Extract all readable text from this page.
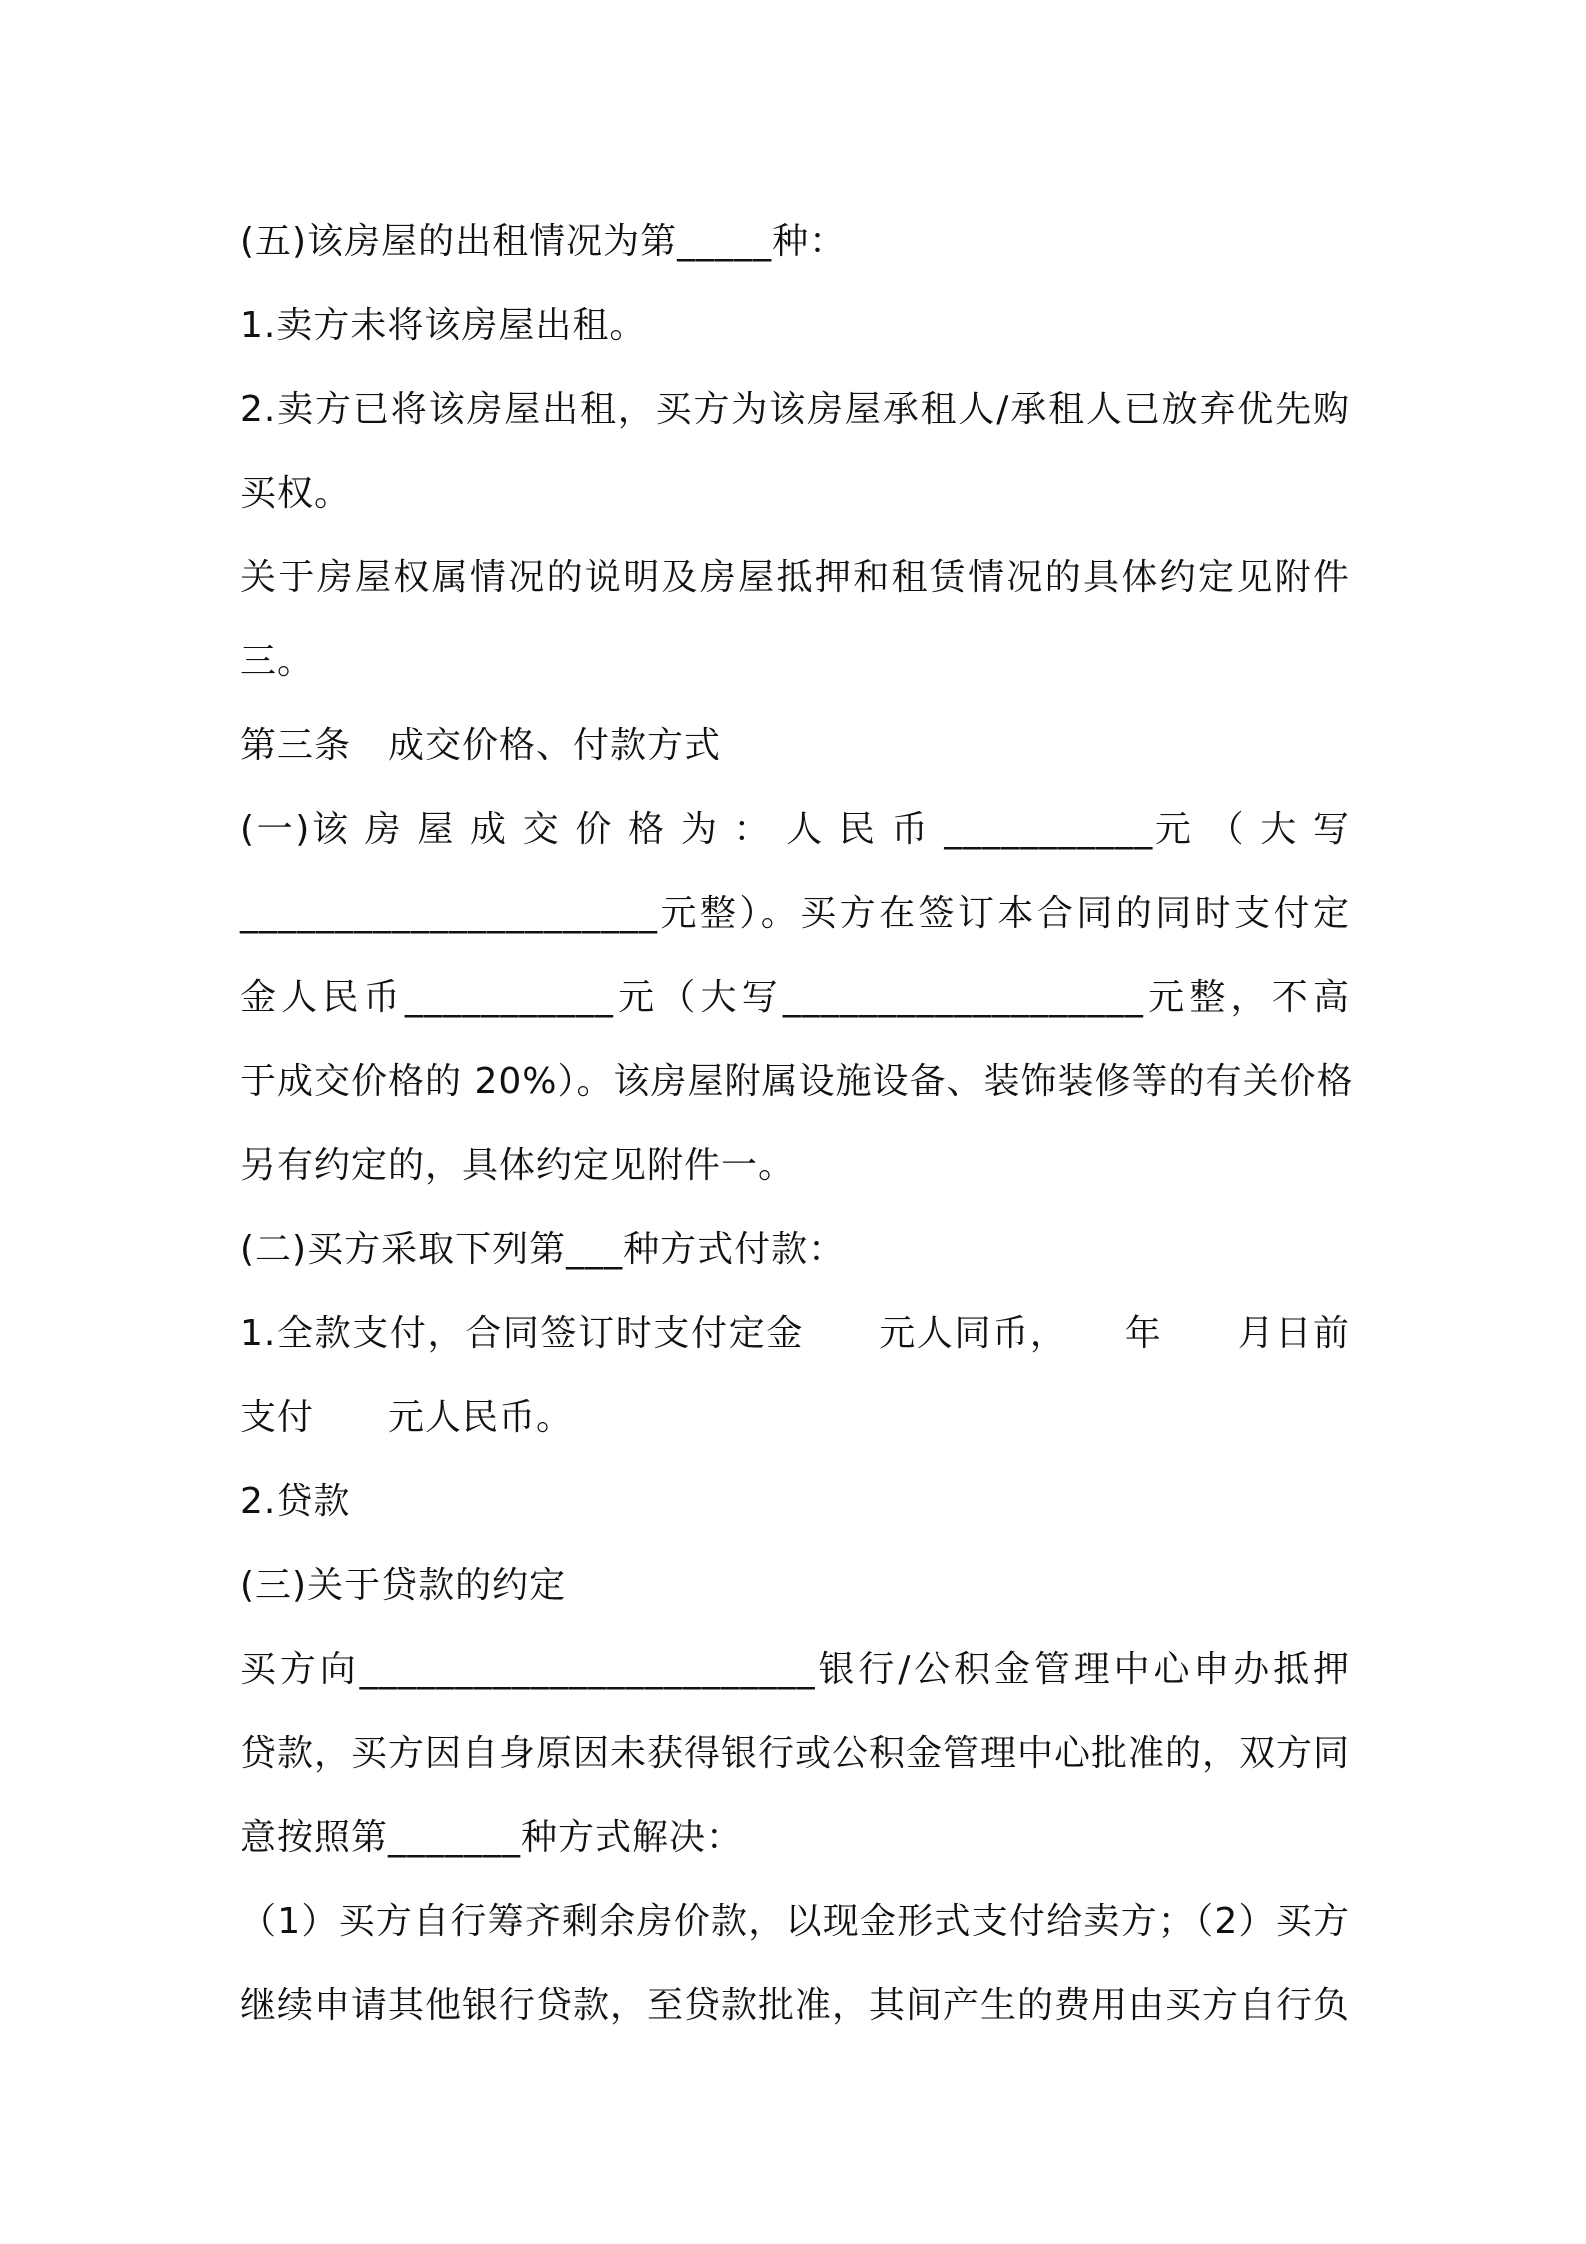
(五)该房屋的出租情况为第_____种：
1.卖方未将该房屋出租。
2.卖方已将该房屋出租，买方为该房屋承租人/承租人已放弃优先购
买权。
关于房屋权属情况的说明及房屋抵押和租赁情况的具体约定见附件
三。
第三条　成交价格、付款方式
(一)该 房 屋 成 交 价 格 为 ： 人 民 币 ___________元 （ 大 写
______________________元整）。买方在签订本合同的同时支付定
金人民币___________元（大写___________________元整，不高
于成交价格的 20%）。该房屋附属设施设备、装饰装修等的有关价格
另有约定的，具体约定见附件一。
(二)买方采取下列第___种方式付款：
1.全款支付，合同签订时支付定金　　元人同币，　　年　　月日前
支付　　元人民币。
2.贷款
(三)关于贷款的约定
买方向________________________银行/公积金管理中心申办抵押
贷款，买方因自身原因未获得银行或公积金管理中心批准的，双方同
意按照第_______种方式解决：
（1）买方自行筹齐剩余房价款，以现金形式支付给卖方；（2）买方
继续申请其他银行贷款，至贷款批准，其间产生的费用由买方自行负
